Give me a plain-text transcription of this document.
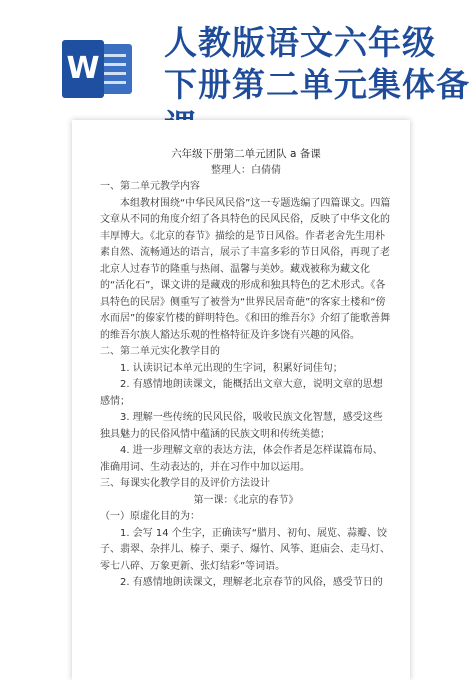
W
人教版语文六年级
下册第二单元集体备

六年级下册第二单元团队 a 备课

整理人：白倩倩

一、第二单元教学内容

本组教材围绕“中华民风民俗”这一专题选编了四篇课文。四篇文章从不同的角度介绍了各具特色的民风民俗，反映了中华文化的丰厚博大。《北京的春节》描绘的是节日风俗。作者老舍先生用朴素自然、流畅通达的语言，展示了丰富多彩的节日风俗，再现了老北京人过春节的隆重与热闹、温馨与美妙。藏戏被称为藏文化的“活化石”，课文讲的是藏戏的形成和独具特色的艺术形式。《各具特色的民居》侧重写了被誉为“世界民居奇葩”的客家土楼和“傍水而居”的傣家竹楼的鲜明特色。《和田的维吾尔》介绍了能歌善舞的维吾尔族人豁达乐观的性格特征及许多饶有兴趣的风俗。

二、第二单元实化教学目的

1. 认读识记本单元出现的生字词，积累好词佳句；

2. 有感情地朗读课文，能概括出文章大意，说明文章的思想感情；

3. 理解一些传统的民风民俗，吸收民族文化智慧，感受这些独具魅力的民俗风情中蕴涵的民族文明和传统美德；

4. 进一步理解文章的表达方法，体会作者是怎样谋篇布局、准确用词、生动表达的，并在习作中加以运用。

三、每课实化教学目的及评价方法设计

第一课：《北京的春节》

（一）原虚化目的为：

1. 会写 14 个生字，正确读写“腊月、初旬、展览、蒜瓣、饺子、翡翠、杂拌儿、榛子、栗子、爆竹、风筝、逛庙会、走马灯、零七八碎、万象更新、张灯结彩”等词语。

2. 有感情地朗读课文，理解老北京春节的风俗，感受节日的
